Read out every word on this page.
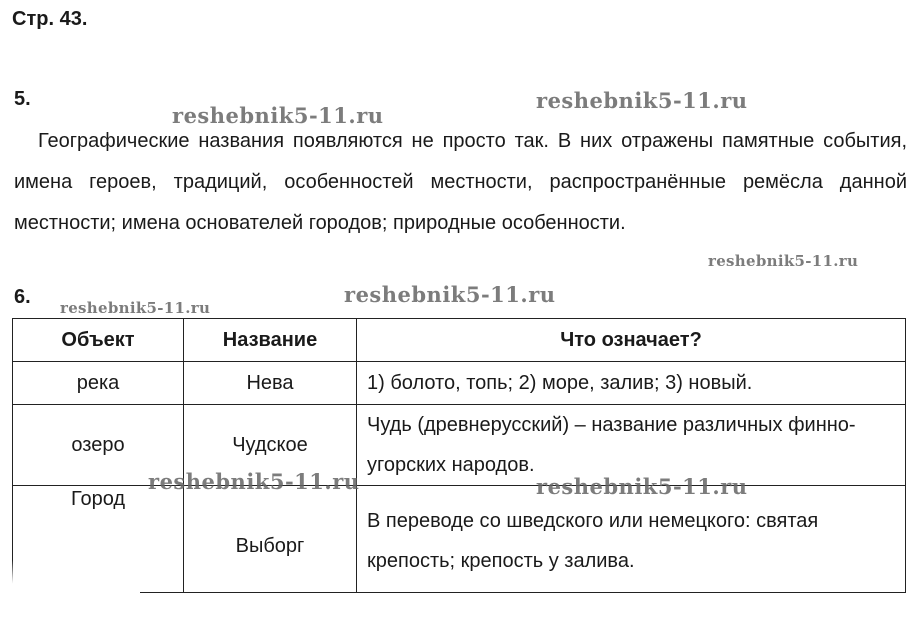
Стр. 43.
5.

Географические названия появляются не просто так. В них отражены памятные события, имена героев, традиций, особенностей местности, распространённые ремёсла данной местности; имена основателей городов; природные особенности.

6.
Объект	Название	Что означает?
река	Нева	1) болото, топь; 2) море, залив; 3) новый.
озеро	Чудское	Чудь (древнерусский) – название различных финно-угорских народов.
Город	Выборг	В переводе со шведского или немецкого: святая крепость; крепость у залива.
reshebnik5-11.ru
reshebnik5-11.ru
reshebnik5-11.ru
reshebnik5-11.ru
reshebnik5-11.ru
reshebnik5-11.ru	reshebnik5-11.ru
